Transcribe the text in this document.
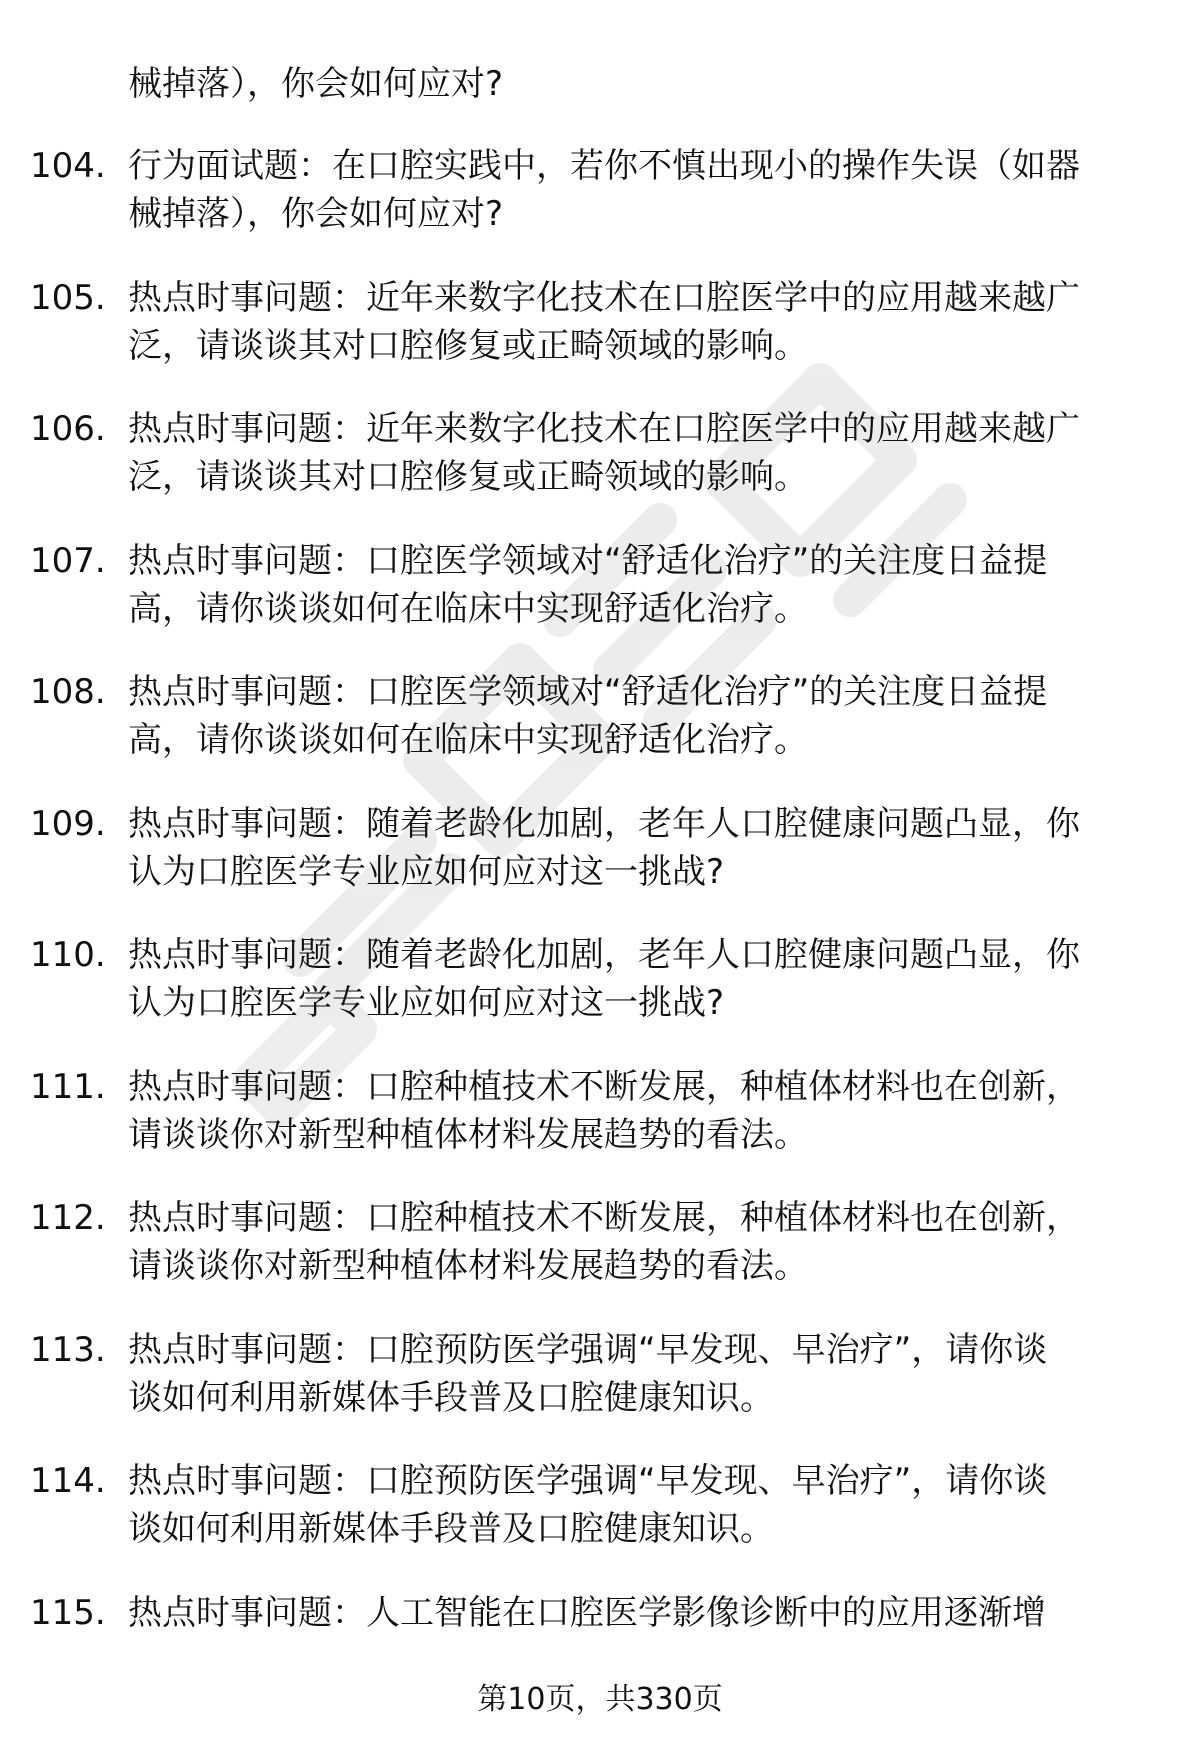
械掉落），你会如何应对?
104. 行为面试题：在口腔实践中，若你不慎出现小的操作失误（如器
械掉落），你会如何应对?
105. 热点时事问题：近年来数字化技术在口腔医学中的应用越来越广
泛，请谈谈其对口腔修复或正畸领域的影响。
106. 热点时事问题：近年来数字化技术在口腔医学中的应用越来越广
泛，请谈谈其对口腔修复或正畸领域的影响。
107. 热点时事问题：口腔医学领域对“舒适化治疗”的关注度日益提
高，请你谈谈如何在临床中实现舒适化治疗。
108. 热点时事问题：口腔医学领域对“舒适化治疗”的关注度日益提
高，请你谈谈如何在临床中实现舒适化治疗。
109. 热点时事问题：随着老龄化加剧，老年人口腔健康问题凸显，你
认为口腔医学专业应如何应对这一挑战?
110. 热点时事问题：随着老龄化加剧，老年人口腔健康问题凸显，你
认为口腔医学专业应如何应对这一挑战?
111. 热点时事问题：口腔种植技术不断发展，种植体材料也在创新，
请谈谈你对新型种植体材料发展趋势的看法。
112. 热点时事问题：口腔种植技术不断发展，种植体材料也在创新，
请谈谈你对新型种植体材料发展趋势的看法。
113. 热点时事问题：口腔预防医学强调“早发现、早治疗”，请你谈
谈如何利用新媒体手段普及口腔健康知识。
114. 热点时事问题：口腔预防医学强调“早发现、早治疗”，请你谈
谈如何利用新媒体手段普及口腔健康知识。
115. 热点时事问题：人工智能在口腔医学影像诊断中的应用逐渐增
第10页，共330页
